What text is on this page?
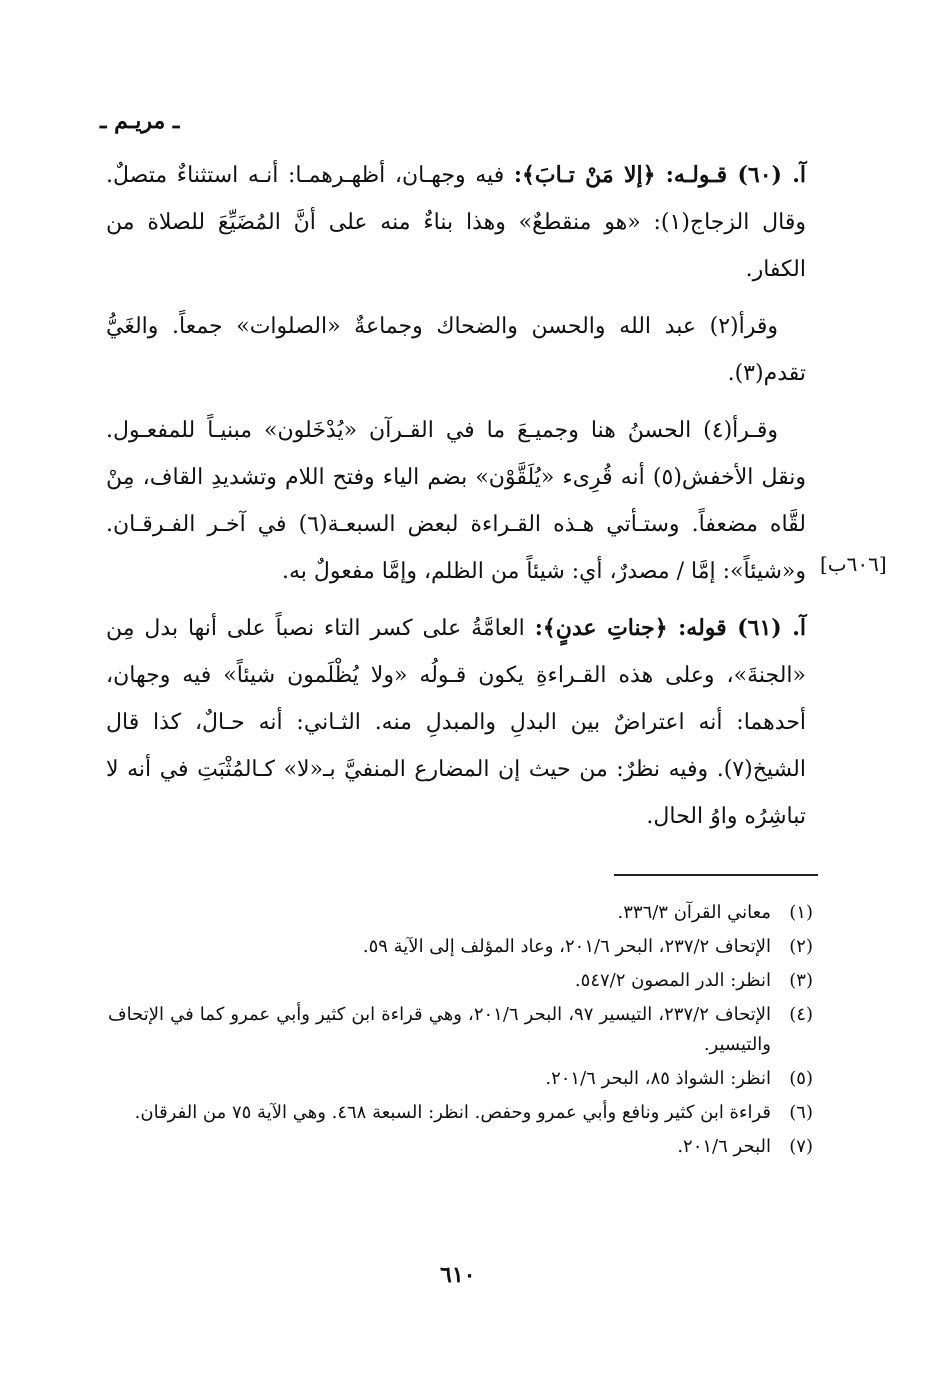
ـ مريـم ـ

آ. (٦٠) قـولـه: ﴿إلا مَنْ تـابَ﴾: فيه وجهـان، أظهـرهمـا: أنـه استثناءٌ متصلٌ. وقال الزجاج(١): «هو منقطعٌ» وهذا بناءٌ منه على أنَّ المُضَيِّعَ للصلاة من الكفار.

وقرأ(٢) عبد الله والحسن والضحاك وجماعةٌ «الصلوات» جمعاً. والغَيُّ تقدم(٣).

وقـرأ(٤) الحسنُ هنا وجميـعَ ما في القـرآن «يُدْخَلون» مبنيـاً للمفعـول. ونقل الأخفش(٥) أنه قُرِىء «يُلَقَّوْن» بضم الياء وفتح اللام وتشديدِ القاف، مِنْ لقَّاه مضعفاً. وستـأتي هـذه القـراءة لبعض السبعـة(٦) في آخـر الفـرقـان. و«شيئاً»: إمَّا / مصدرٌ، أي: شيئاً من الظلم، وإمَّا مفعولٌ به.

آ. (٦١) قوله: ﴿جناتِ عدنٍ﴾: العامَّةُ على كسر التاء نصباً على أنها بدل مِن «الجنةَ»، وعلى هذه القـراءةِ يكون قـولُه «ولا يُظْلَمون شيئاً» فيه وجهان، أحدهما: أنه اعتراضٌ بين البدلِ والمبدلِ منه. الثـاني: أنه حـالٌ، كذا قال الشيخ(٧). وفيه نظرٌ: من حيث إن المضارع المنفيَّ بـ«لا» كـالمُثْبَتِ في أنه لا تباشِرُه واوُ الحال.

[٦٠٦ب]
(١)
معاني القرآن ٣٣٦/٣.
(٢)
الإتحاف ٢٣٧/٢، البحر ٢٠١/٦، وعاد المؤلف إلى الآية ٥٩.
(٣)
انظر: الدر المصون ٥٤٧/٢.
(٤)
الإتحاف ٢٣٧/٢، التيسير ٩٧، البحر ٢٠١/٦، وهي قراءة ابن كثير وأبي عمرو كما في الإتحاف والتيسير.
(٥)
انظر: الشواذ ٨٥، البحر ٢٠١/٦.
(٦)
قراءة ابن كثير ونافع وأبي عمرو وحفص. انظر: السبعة ٤٦٨. وهي الآية ٧٥ من الفرقان.
(٧)
البحر ٢٠١/٦.
٦١٠
